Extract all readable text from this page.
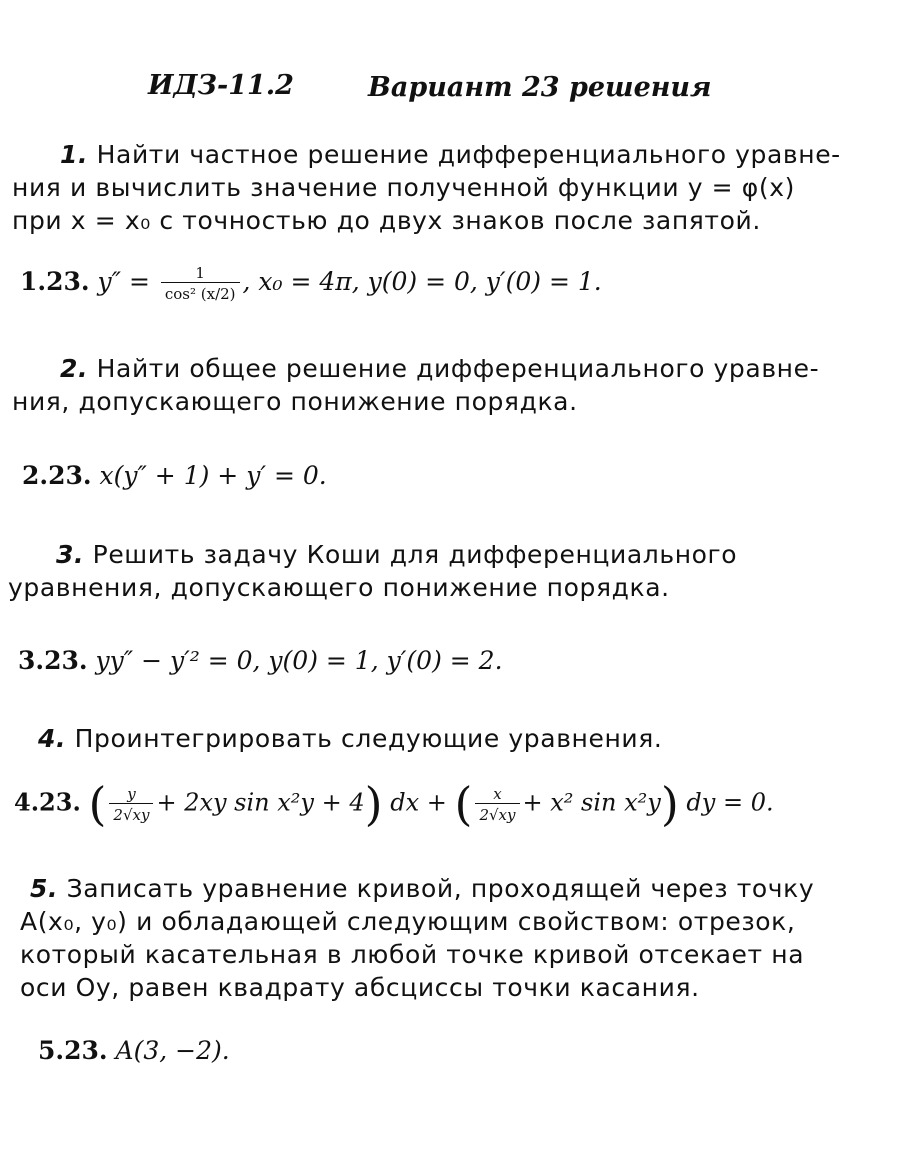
ИДЗ-11.2	Вариант 23 решения
1. Найти частное решение дифференциального уравне-
ния и вычислить значение полученной функции y = φ(x)
при x = x₀ с точностью до двух знаков после запятой.
1.23. $y'' = \frac{1}{\text{cos² (x/2)}}$ , x₀ = 4π, y(0) = 0, y′(0) = 1.
2. Найти общее решение дифференциального уравне-
ния, допускающего понижение порядка.
2.23. x(y″ + 1) + y′ = 0.
3. Решить задачу Коши для дифференциального
уравнения, допускающего понижение порядка.
3.23. yy″ − y′² = 0, y(0) = 1, y′(0) = 2.
4. Проинтегрировать следующие уравнения.
4.23. ( $\frac{y}{2√xy} + 2xy$ sin x²y + 4) dx + ( $\frac{x}{2√xy} + x^2$ sin x²y) dy = 0.
5. Записать уравнение кривой, проходящей через точку
A(x₀, y₀) и обладающей следующим свойством: отрезок,
который касательная в любой точке кривой отсекает на
оси Oy, равен квадрату абсциссы точки касания.
5.23. A(3, −2).
